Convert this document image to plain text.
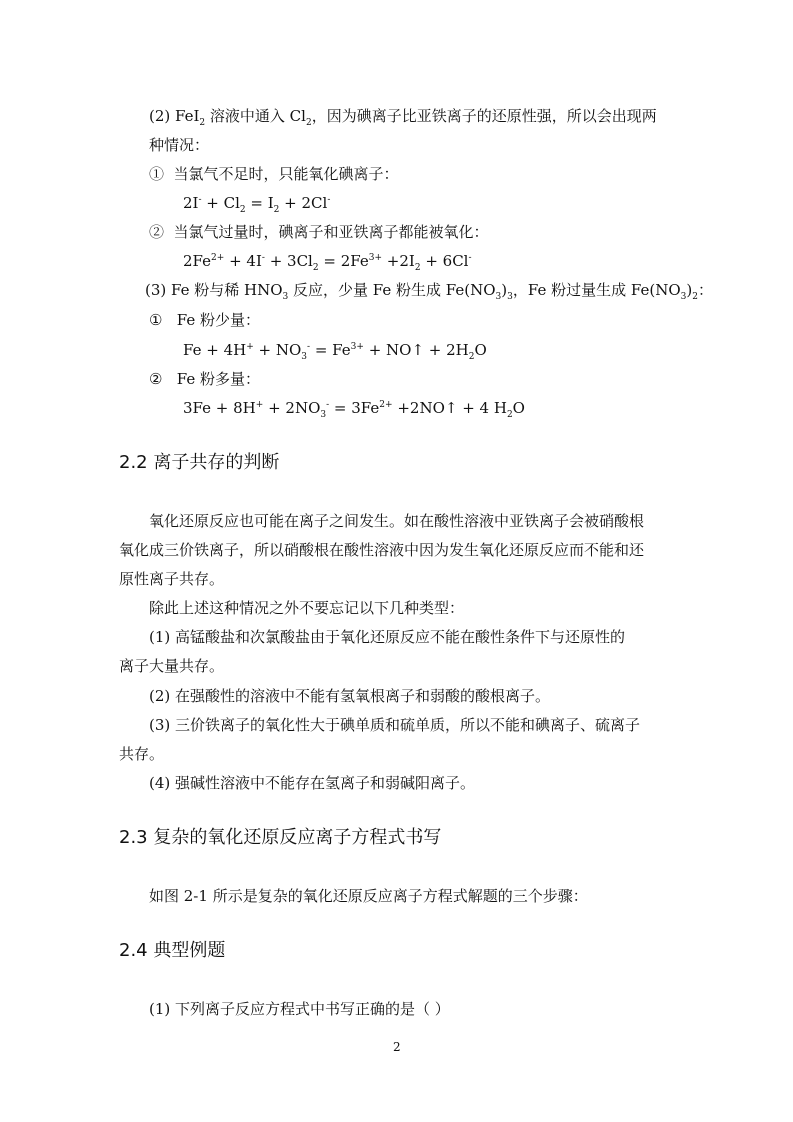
(2) FeI$_2$ 溶液中通入 $Cl_2$，因为碘离子比亚铁离子的还原性强，所以会出现两
种情况：
①  当氯气不足时，只能氧化碘离子：
$2I^- + Cl_2 = I_2 + 2Cl^-$
②  当氯气过量时，碘离子和亚铁离子都能被氧化：
$2Fe^{2+} + 4I^- + 3Cl_2 = 2Fe^{3+} +2I_2 + 6Cl^-$
(3) Fe 粉与稀 $HNO_3$ 反应，少量 Fe 粉生成 $Fe(NO_3)_3$，Fe 粉过量生成 $Fe(NO_3)_2$：
①   Fe 粉少量：
$Fe + 4H^+ + NO_3^- = Fe^{3+}$ + NO↑ + $2H_2O$
②   Fe 粉多量：
$3Fe + 8H^+ + 2NO_3^- = 3Fe^{2+}$ +2NO↑ + 4 $H_2O$
2.2 离子共存的判断
氧化还原反应也可能在离子之间发生。如在酸性溶液中亚铁离子会被硝酸根
氧化成三价铁离子，所以硝酸根在酸性溶液中因为发生氧化还原反应而不能和还
原性离子共存。
除此上述这种情况之外不要忘记以下几种类型：
(1) 高锰酸盐和次氯酸盐由于氧化还原反应不能在酸性条件下与还原性的
离子大量共存。
(2) 在强酸性的溶液中不能有氢氧根离子和弱酸的酸根离子。
(3) 三价铁离子的氧化性大于碘单质和硫单质，所以不能和碘离子、硫离子
共存。
(4) 强碱性溶液中不能存在氢离子和弱碱阳离子。
2.3 复杂的氧化还原反应离子方程式书写
如图 2-1 所示是复杂的氧化还原反应离子方程式解题的三个步骤：
2.4 典型例题
(1) 下列离子反应方程式中书写正确的是（ ）
2
